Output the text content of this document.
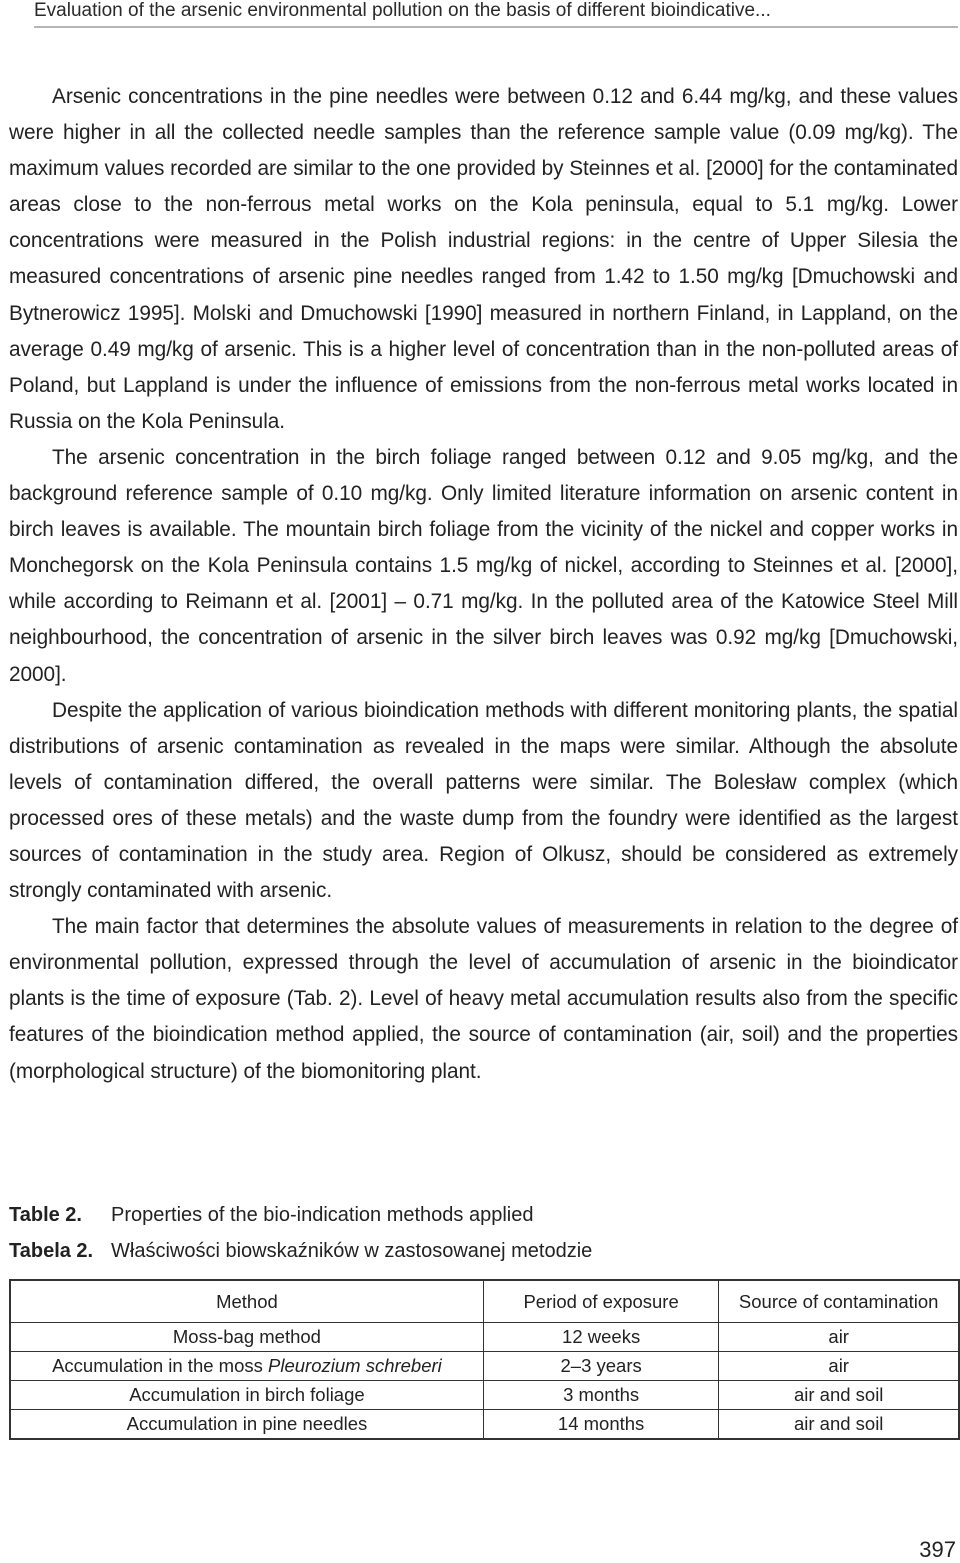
Evaluation of the arsenic environmental pollution on the basis of different bioindicative...

Arsenic concentrations in the pine needles were between 0.12 and 6.44 mg/kg, and these values were higher in all the collected needle samples than the reference sample value (0.09 mg/kg). The maximum values recorded are similar to the one provided by Steinnes et al. [2000] for the contaminated areas close to the non-ferrous metal works on the Kola peninsula, equal to 5.1 mg/kg. Lower concentrations were measured in the Polish industrial regions: in the centre of Upper Silesia the measured concentrations of arsenic pine needles ranged from 1.42 to 1.50 mg/kg [Dmuchowski and Bytnerowicz 1995]. Molski and Dmuchowski [1990] measured in northern Finland, in Lappland, on the average 0.49 mg/kg of arsenic. This is a higher level of concentration than in the non-polluted areas of Poland, but Lappland is under the influence of emissions from the non-ferrous metal works located in Russia on the Kola Peninsula.

The arsenic concentration in the birch foliage ranged between 0.12 and 9.05 mg/kg, and the background reference sample of 0.10 mg/kg. Only limited literature information on arsenic content in birch leaves is available. The mountain birch foliage from the vicinity of the nickel and copper works in Monchegorsk on the Kola Peninsula contains 1.5 mg/kg of nickel, according to Steinnes et al. [2000], while according to Reimann et al. [2001] – 0.71 mg/kg. In the polluted area of the Katowice Steel Mill neighbourhood, the concentration of arsenic in the silver birch leaves was 0.92 mg/kg [Dmuchowski, 2000].

Despite the application of various bioindication methods with different monitoring plants, the spatial distributions of arsenic contamination as revealed in the maps were similar. Although the absolute levels of contamination differed, the overall patterns were similar. The Bolesław complex (which processed ores of these metals) and the waste dump from the foundry were identified as the largest sources of contamination in the study area. Region of Olkusz, should be considered as extremely strongly contaminated with arsenic.

The main factor that determines the absolute values of measurements in relation to the degree of environmental pollution, expressed through the level of accumulation of arsenic in the bioindicator plants is the time of exposure (Tab. 2). Level of heavy metal accumulation results also from the specific features of the bioindication method applied, the source of contamination (air, soil) and the properties (morphological structure) of the biomonitoring plant.

Table 2. Properties of the bio-indication methods applied
Tabela 2. Właściwości biowskaźników w zastosowanej metodzie
Method	Period of exposure	Source of contamination
Moss-bag method	12 weeks	air
Accumulation in the moss Pleurozium schreberi	2–3 years	air
Accumulation in birch foliage	3 months	air and soil
Accumulation in pine needles	14 months	air and soil
397
